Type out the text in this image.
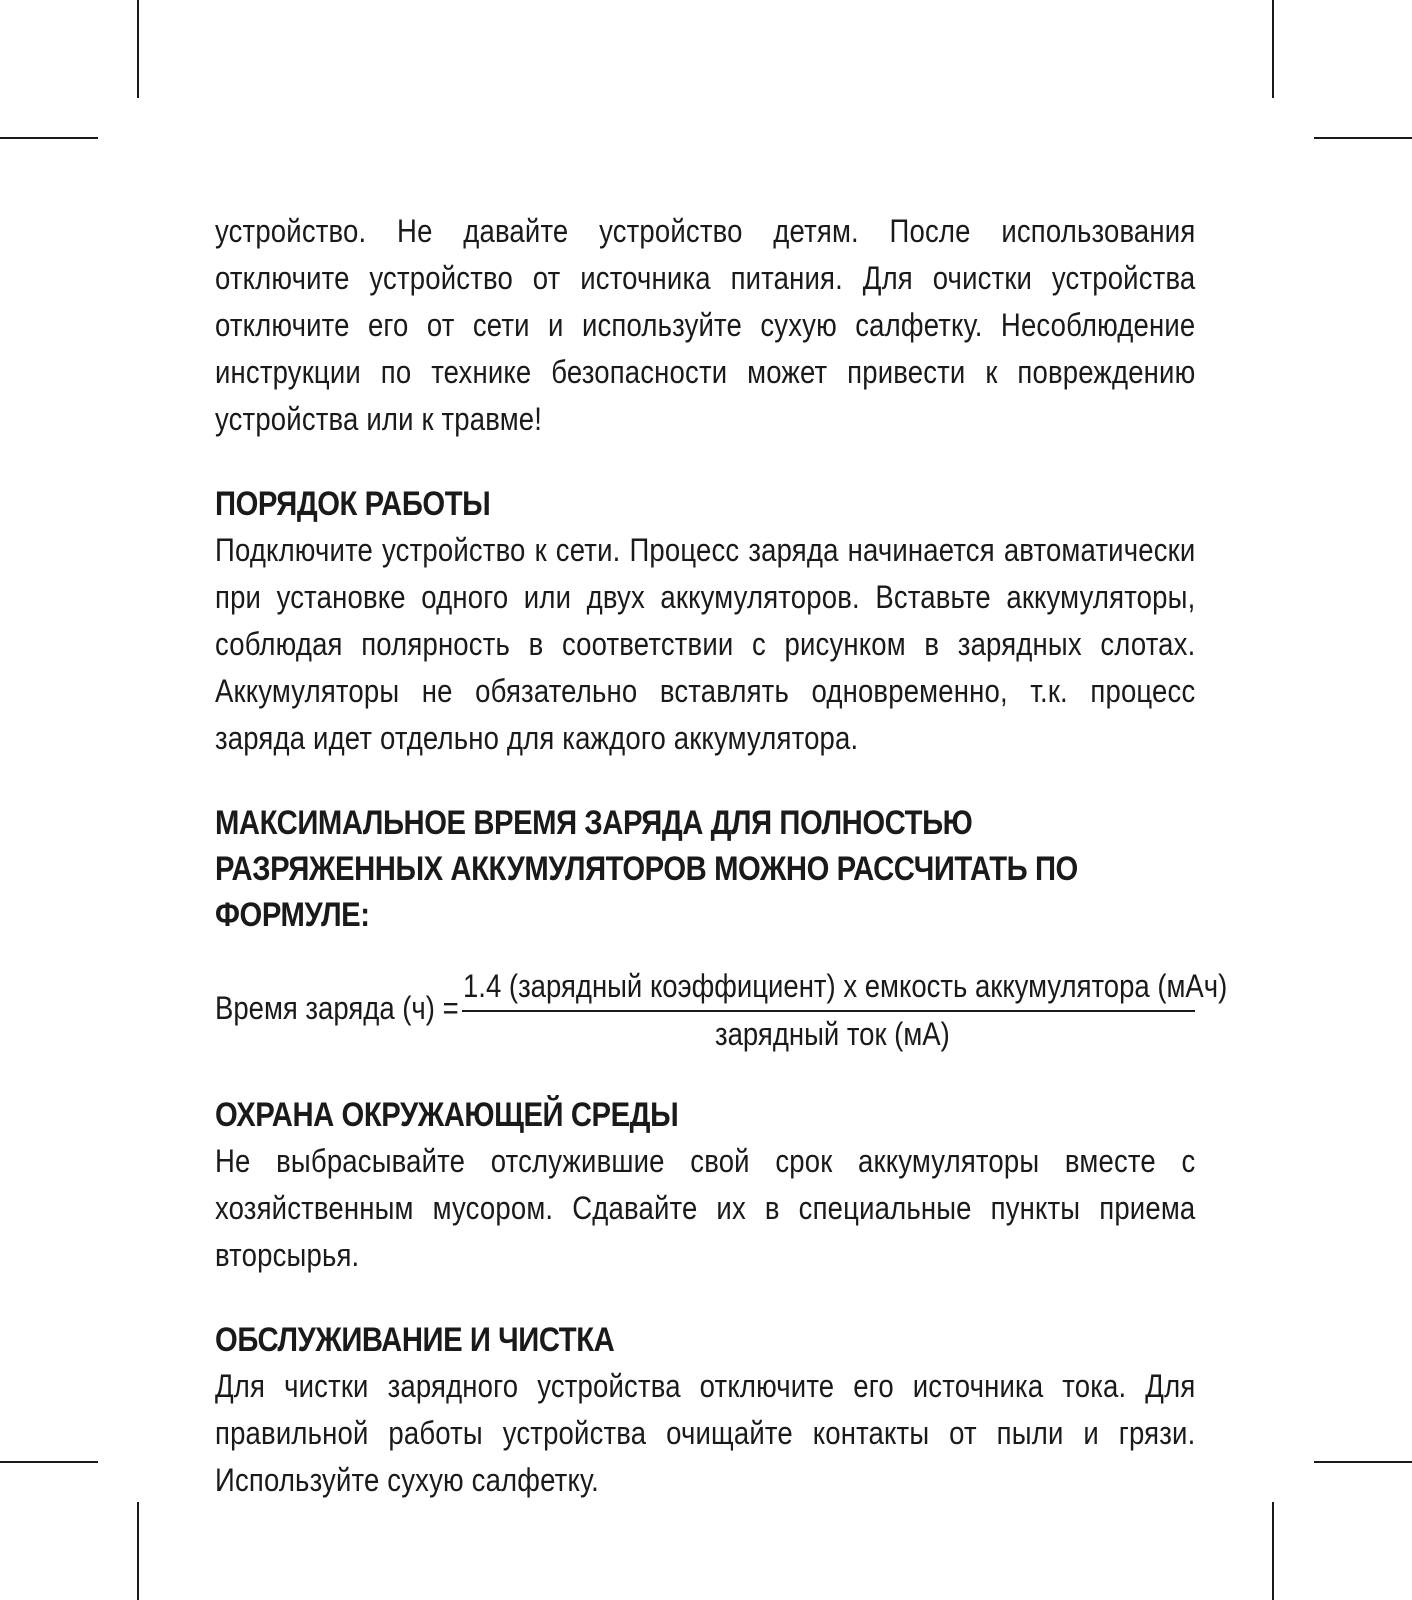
устройство. Не давайте устройство детям. После использования отключите устройство от источника питания. Для очистки устройства отключите его от сети и используйте сухую салфетку. Несоблюдение инструкции по технике безопасности может привести к повреждению устройства или к травме!

ПОРЯДОК РАБОТЫ

Подключите устройство к сети. Процесс заряда начинается автоматически при установке одного или двух аккумуляторов. Вставьте аккумуляторы, соблюдая полярность в соответствии с рисунком в зарядных слотах. Аккумуляторы не обязательно вставлять одновременно, т.к. процесс заряда идет отдельно для каждого аккумулятора.

МАКСИМАЛЬНОЕ ВРЕМЯ ЗАРЯДА ДЛЯ ПОЛНОСТЬЮ РАЗРЯЖЕННЫХ АККУМУЛЯТОРОВ МОЖНО РАССЧИТАТЬ ПО ФОРМУЛЕ:
Время заряда (ч) =
1.4 (зарядный коэффициент) х емкость аккумулятора (мАч)
зарядный ток (мА)
ОХРАНА ОКРУЖАЮЩЕЙ СРЕДЫ

Не выбрасывайте отслужившие свой срок аккумуляторы вместе с хозяйственным мусором. Сдавайте их в специальные пункты приема вторсырья.

ОБСЛУЖИВАНИЕ И ЧИСТКА

Для чистки зарядного устройства отключите его источника тока. Для правильной работы устройства очищайте контакты от пыли и грязи. Используйте сухую салфетку.
